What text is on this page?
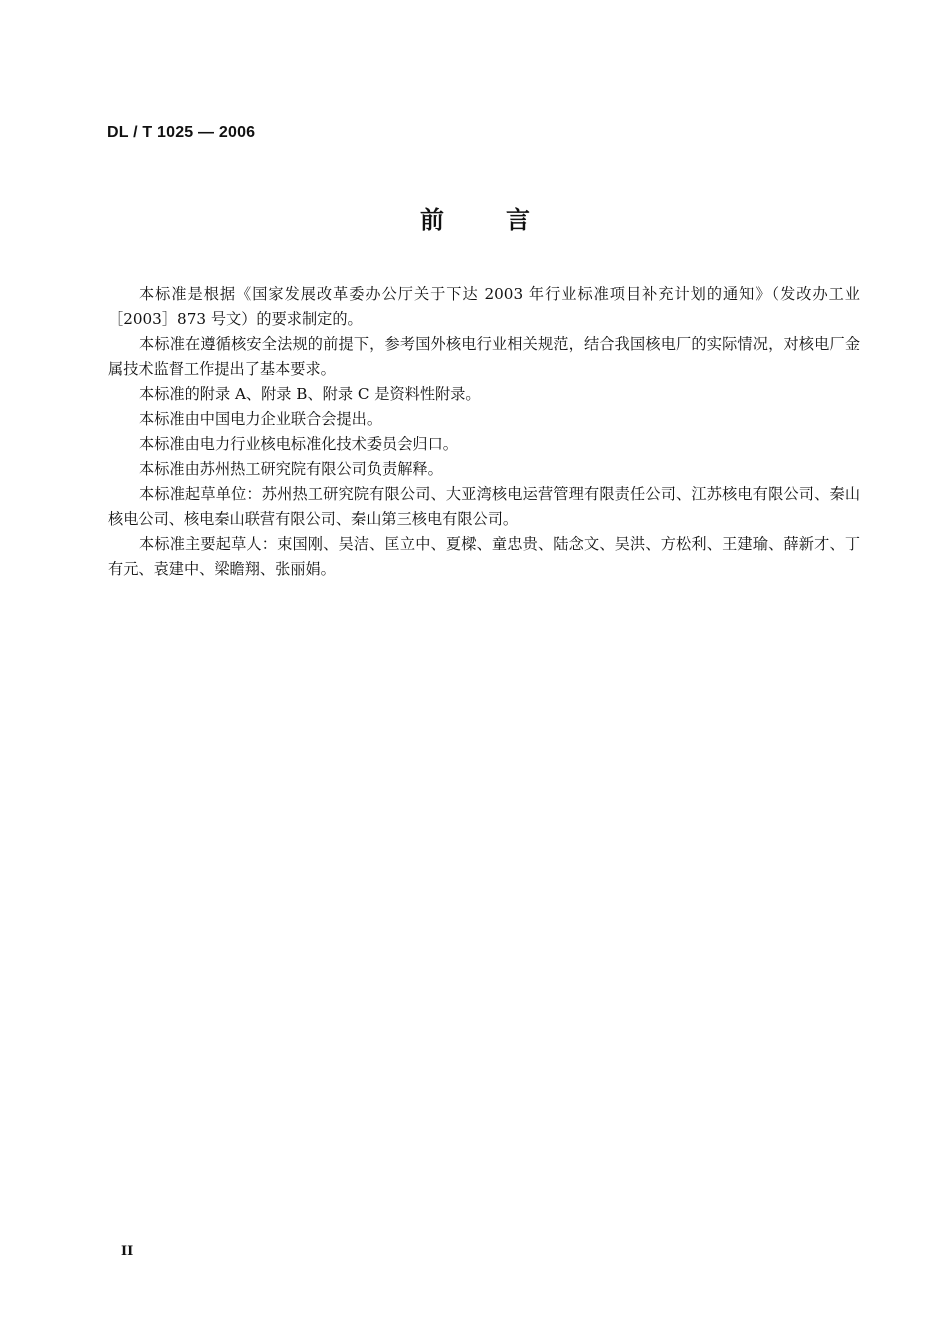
DL / T 1025 — 2006
前	言

本标准是根据《国家发展改革委办公厅关于下达 2003 年行业标准项目补充计划的通知》（发改办工业［2003］873 号文）的要求制定的。

本标准在遵循核安全法规的前提下，参考国外核电行业相关规范，结合我国核电厂的实际情况，对核电厂金属技术监督工作提出了基本要求。

本标准的附录 A、附录 B、附录 C 是资料性附录。

本标准由中国电力企业联合会提出。

本标准由电力行业核电标准化技术委员会归口。

本标准由苏州热工研究院有限公司负责解释。

本标准起草单位：苏州热工研究院有限公司、大亚湾核电运营管理有限责任公司、江苏核电有限公司、秦山核电公司、核电秦山联营有限公司、秦山第三核电有限公司。

本标准主要起草人：束国刚、吴洁、匡立中、夏樑、童忠贵、陆念文、吴洪、方松利、王建瑜、薛新才、丁有元、袁建中、梁瞻翔、张丽娟。

II
